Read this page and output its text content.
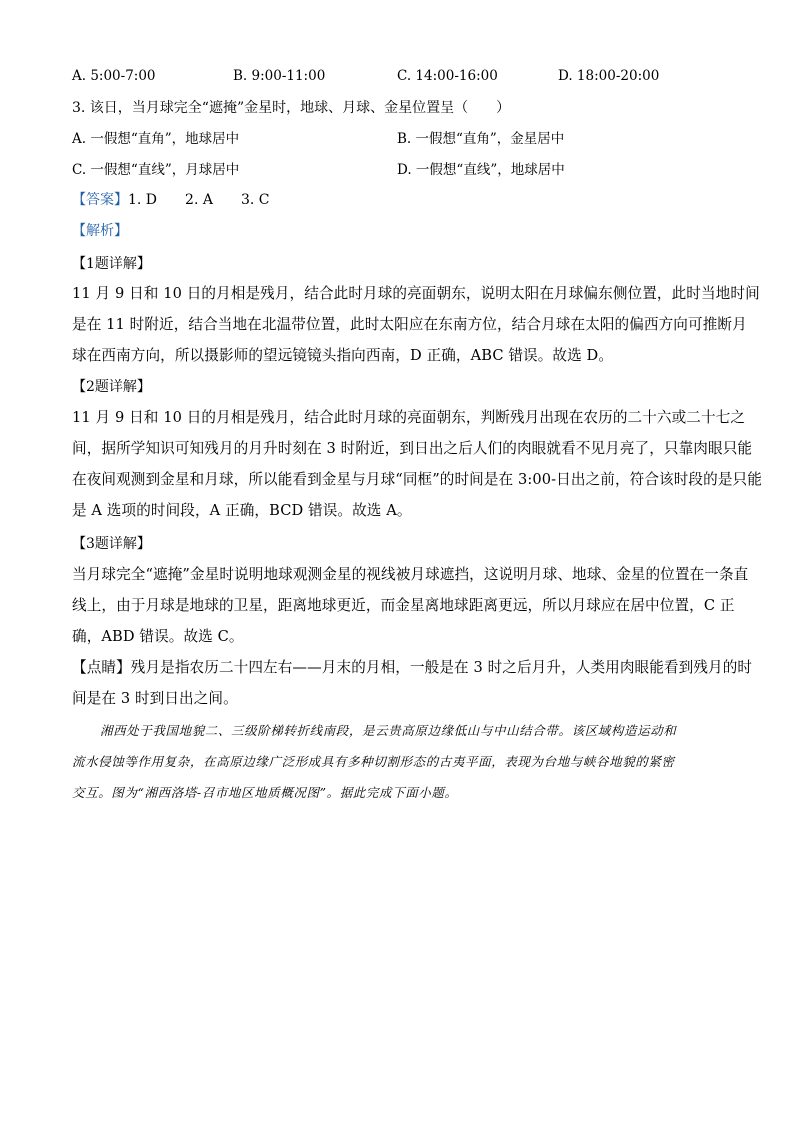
A. 5:00-7:00	B. 9:00-11:00	C. 14:00-16:00	D. 18:00-20:00
3. 该日，当月球完全“遮掩”金星时，地球、月球、金星位置呈（　　）
A. 一假想“直角”，地球居中	B. 一假想“直角”，金星居中
C. 一假想“直线”，月球居中	D. 一假想“直线”，地球居中
【答案】1. D　　2. A　　3. C
【解析】
【1题详解】
11 月 9 日和 10 日的月相是残月，结合此时月球的亮面朝东，说明太阳在月球偏东侧位置，此时当地时间
是在 11 时附近，结合当地在北温带位置，此时太阳应在东南方位，结合月球在太阳的偏西方向可推断月
球在西南方向，所以摄影师的望远镜镜头指向西南，D 正确，ABC 错误。故选 D。
【2题详解】
11 月 9 日和 10 日的月相是残月，结合此时月球的亮面朝东，判断残月出现在农历的二十六或二十七之
间，据所学知识可知残月的月升时刻在 3 时附近，到日出之后人们的肉眼就看不见月亮了，只靠肉眼只能
在夜间观测到金星和月球，所以能看到金星与月球“同框”的时间是在 3:00-日出之前，符合该时段的是只能
是 A 选项的时间段，A 正确，BCD 错误。故选 A。
【3题详解】
当月球完全“遮掩”金星时说明地球观测金星的视线被月球遮挡，这说明月球、地球、金星的位置在一条直
线上，由于月球是地球的卫星，距离地球更近，而金星离地球距离更远，所以月球应在居中位置，C 正
确，ABD 错误。故选 C。
【点睛】残月是指农历二十四左右——月末的月相，一般是在 3 时之后月升，人类用肉眼能看到残月的时
间是在 3 时到日出之间。
湘西处于我国地貌二、三级阶梯转折线南段，是云贵高原边缘低山与中山结合带。该区域构造运动和
流水侵蚀等作用复杂，在高原边缘广泛形成具有多种切割形态的古夷平面，表现为台地与峡谷地貌的紧密
交互。图为“湘西洛塔-召市地区地质概况图”。据此完成下面小题。
